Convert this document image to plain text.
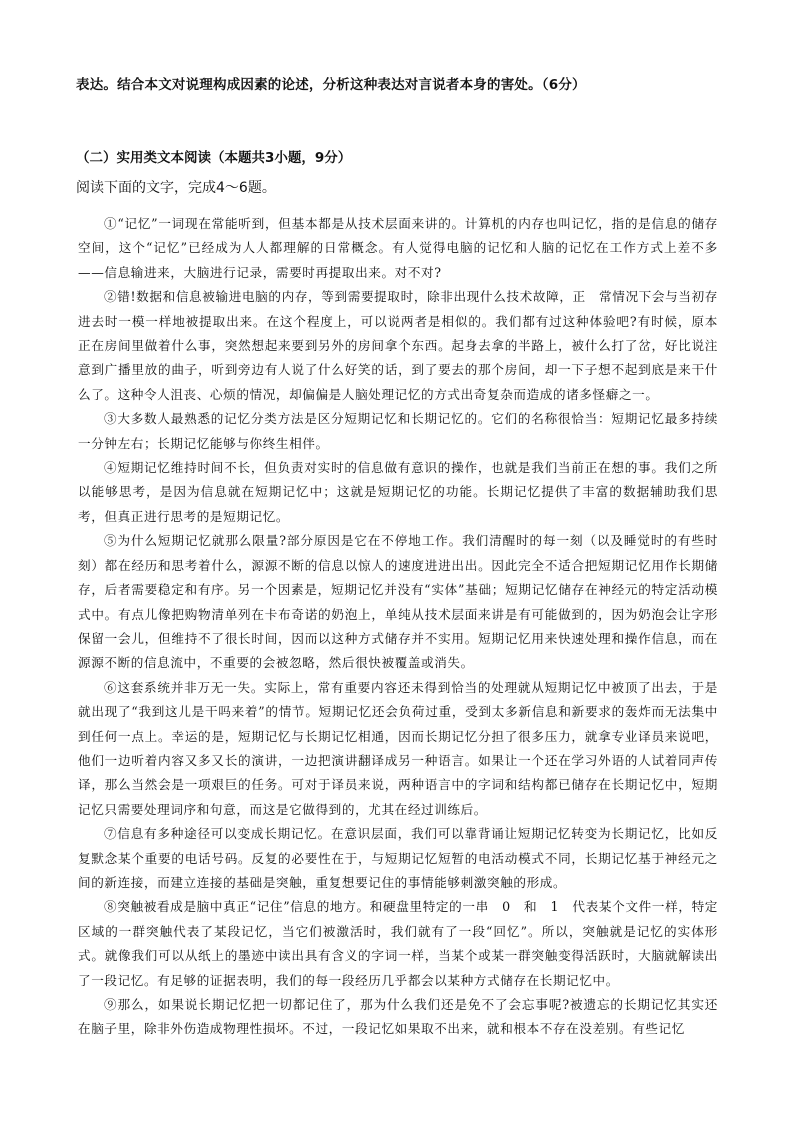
表达。结合本文对说理构成因素的论述，分析这种表达对言说者本身的害处。（6分）
（二）实用类文本阅读（本题共3小题，9分）
阅读下面的文字，完成4～6题。

①“记忆”一词现在常能听到，但基本都是从技术层面来讲的。计算机的内存也叫记忆，指的是信息的储存空间，这个“记忆”已经成为人人都理解的日常概念。有人觉得电脑的记忆和人脑的记忆在工作方式上差不多——信息输进来，大脑进行记录，需要时再提取出来。对不对?

②错!数据和信息被输进电脑的内存，等到需要提取时，除非出现什么技术故障，正　常情况下会与当初存进去时一模一样地被提取出来。在这个程度上，可以说两者是相似的。我们都有过这种体验吧?有时候，原本正在房间里做着什么事，突然想起来要到另外的房间拿个东西。起身去拿的半路上，被什么打了岔，好比说注意到广播里放的曲子，听到旁边有人说了什么好笑的话，到了要去的那个房间，却一下子想不起到底是来干什么了。这种令人沮丧、心烦的情况，却偏偏是人脑处理记忆的方式出奇复杂而造成的诸多怪癖之一。

③大多数人最熟悉的记忆分类方法是区分短期记忆和长期记忆的。它们的名称很恰当：短期记忆最多持续一分钟左右；长期记忆能够与你终生相伴。

④短期记忆维持时间不长，但负责对实时的信息做有意识的操作，也就是我们当前正在想的事。我们之所以能够思考，是因为信息就在短期记忆中；这就是短期记忆的功能。长期记忆提供了丰富的数据辅助我们思考，但真正进行思考的是短期记忆。

⑤为什么短期记忆就那么限量?部分原因是它在不停地工作。我们清醒时的每一刻（以及睡觉时的有些时刻）都在经历和思考着什么，源源不断的信息以惊人的速度进进出出。因此完全不适合把短期记忆用作长期储存，后者需要稳定和有序。另一个因素是，短期记忆并没有“实体”基础；短期记忆储存在神经元的特定活动模式中。有点儿像把购物清单列在卡布奇诺的奶泡上，单纯从技术层面来讲是有可能做到的，因为奶泡会让字形保留一会儿，但维持不了很长时间，因而以这种方式储存并不实用。短期记忆用来快速处理和操作信息，而在源源不断的信息流中，不重要的会被忽略，然后很快被覆盖或消失。

⑥这套系统并非万无一失。实际上，常有重要内容还未得到恰当的处理就从短期记忆中被顶了出去，于是就出现了“我到这儿是干吗来着”的情节。短期记忆还会负荷过重，受到太多新信息和新要求的轰炸而无法集中到任何一点上。幸运的是，短期记忆与长期记忆相通，因而长期记忆分担了很多压力，就拿专业译员来说吧，他们一边听着内容又多又长的演讲，一边把演讲翻译成另一种语言。如果让一个还在学习外语的人试着同声传译，那么当然会是一项艰巨的任务。可对于译员来说，两种语言中的字词和结构都已储存在长期记忆中，短期记忆只需要处理词序和句意，而这是它做得到的，尤其在经过训练后。

⑦信息有多种途径可以变成长期记忆。在意识层面，我们可以靠背诵让短期记忆转变为长期记忆，比如反复默念某个重要的电话号码。反复的必要性在于，与短期记忆短暂的电活动模式不同，长期记忆基于神经元之间的新连接，而建立连接的基础是突触，重复想要记住的事情能够刺激突触的形成。

⑧突触被看成是脑中真正“记住”信息的地方。和硬盘里特定的一串　0　和　1　代表某个文件一样，特定区域的一群突触代表了某段记忆，当它们被激活时，我们就有了一段“回忆”。所以，突触就是记忆的实体形式。就像我们可以从纸上的墨迹中读出具有含义的字词一样，当某个或某一群突触变得活跃时，大脑就解读出了一段记忆。有足够的证据表明，我们的每一段经历几乎都会以某种方式储存在长期记忆中。

⑨那么，如果说长期记忆把一切都记住了，那为什么我们还是免不了会忘事呢?被遗忘的长期记忆其实还在脑子里，除非外伤造成物理性损坏。不过，一段记忆如果取不出来，就和根本不存在没差别。有些记忆
